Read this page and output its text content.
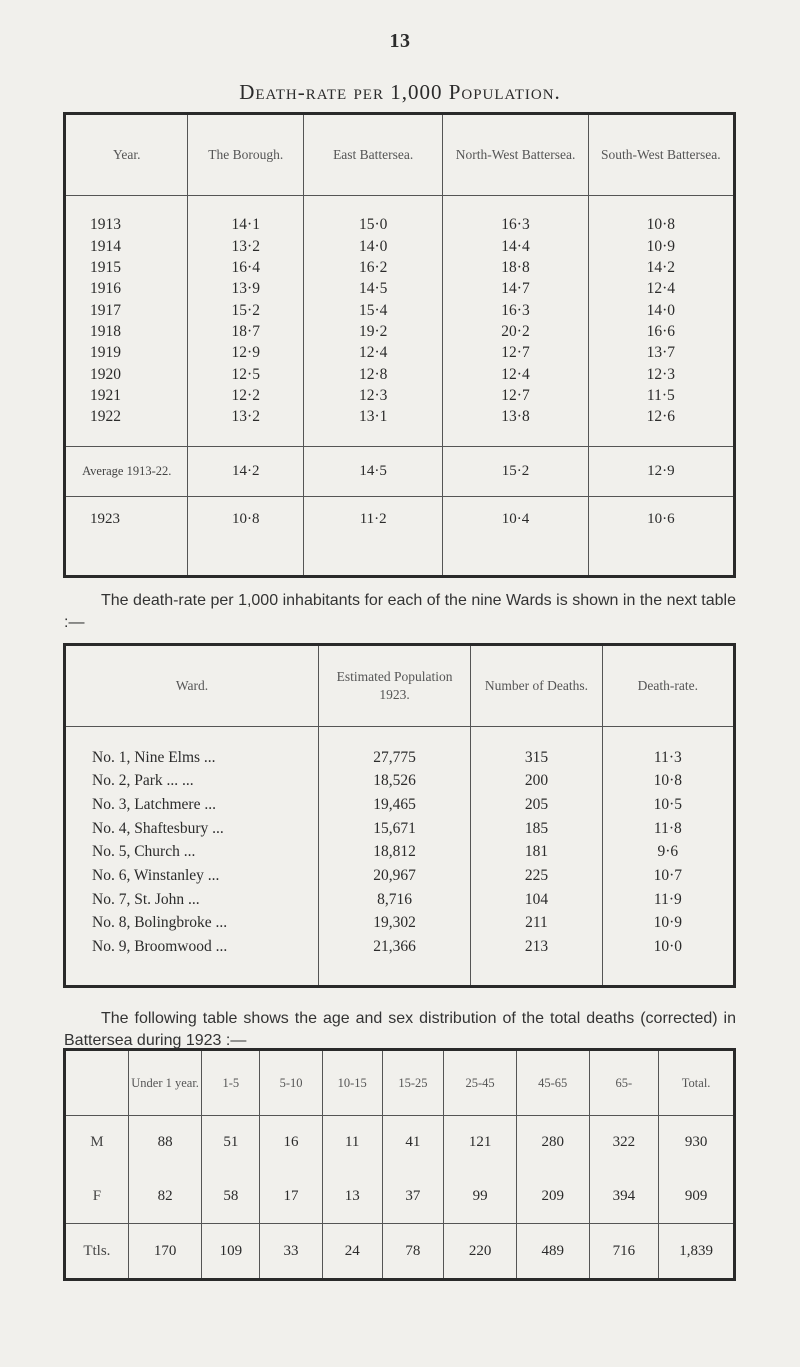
13
Death-rate per 1,000 Population.
Year.	The Borough.	East Battersea.	North-West Battersea.	South-West Battersea.

1913	14·1	15·0	16·3	10·8
1914	13·2	14·0	14·4	10·9
1915	16·4	16·2	18·8	14·2
1916	13·9	14·5	14·7	12·4
1917	15·2	15·4	16·3	14·0
1918	18·7	19·2	20·2	16·6
1919	12·9	12·4	12·7	13·7
1920	12·5	12·8	12·4	12·3
1921	12·2	12·3	12·7	11·5
1922	13·2	13·1	13·8	12·6

Average 1913-22.	14·2	14·5	15·2	12·9
1923	10·8	11·2	10·4	10·6
The death-rate per 1,000 inhabitants for each of the nine Wards is shown in the next table :—
Ward.	Estimated Population 1923.	Number of Deaths.	Death-rate.

No. 1, Nine Elms ...	27,775	315	11·3
No. 2, Park ... ...	18,526	200	10·8
No. 3, Latchmere ...	19,465	205	10·5
No. 4, Shaftesbury ...	15,671	185	11·8
No. 5, Church ...	18,812	181	9·6
No. 6, Winstanley ...	20,967	225	10·7
No. 7, St. John ...	8,716	104	11·9
No. 8, Bolingbroke ...	19,302	211	10·9
No. 9, Broomwood ...	21,366	213	10·0

The following table shows the age and sex distribution of the total deaths (corrected) in Battersea during 1923 :—
	Under 1 year.	1-5	5-10	10-15	15-25	25-45	45-65	65-	Total.
M	88	51	16	11	41	121	280	322	930
F	82	58	17	13	37	99	209	394	909
Ttls.	170	109	33	24	78	220	489	716	1,839
